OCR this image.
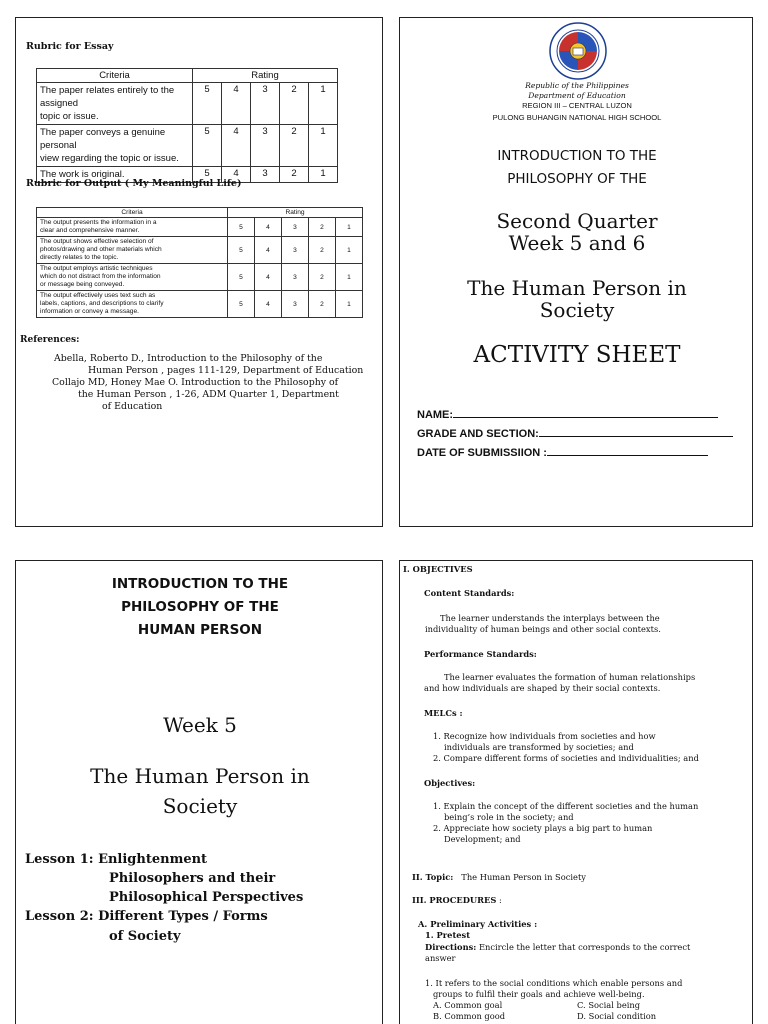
Rubric for Essay
Criteria	Rating				
The paper relates entirely to the assigned
topic or issue.	5	4	3	2	1
The paper conveys a genuine personal
view regarding the topic or issue.	5	4	3	2	1
The work is original.	5	4	3	2	1
Rubric for Output ( My Meaningful Life)
Criteria	Rating				
The output presents the information in a
clear and comprehensive manner.	5	4	3	2	1
The output shows effective selection of
photos/drawing and other materials which
directly relates to the topic.	5	4	3	2	1
The output employs artistic techniques
which do not distract from the information
or message being conveyed.	5	4	3	2	1
The output effectively uses text such as
labels, captions, and descriptions to clarify
information or convey a message.	5	4	3	2	1
References:
Abella, Roberto D., Introduction to the Philosophy of the
Human Person , pages 111-129, Department of Education
Collajo MD, Honey Mae O. Introduction to the Philosophy of
the Human Person , 1-26, ADM Quarter 1, Department
of Education
Republic of the Philippines
Department of Education
REGION III – CENTRAL LUZON
PULONG BUHANGIN NATIONAL HIGH SCHOOL
INTRODUCTION TO THE
PHILOSOPHY OF THE
Second Quarter
Week 5 and 6
The Human Person in
Society
ACTIVITY SHEET
NAME:
GRADE AND SECTION:
DATE OF SUBMISSIION :
INTRODUCTION TO THE
PHILOSOPHY OF THE
HUMAN PERSON
Week 5
The Human Person in
Society
Lesson 1: Enlightenment
Philosophers and their
Philosophical Perspectives
Lesson 2: Different Types / Forms
of Society
I. OBJECTIVES
Content Standards:
The learner understands the interplays between the
individuality of human beings and other social contexts.
Performance Standards:
The learner evaluates the formation of human relationships
and how individuals are shaped by their social contexts.
MELCs :
1. Recognize how individuals from societies and how
individuals are transformed by societies; and
2. Compare different forms of societies and individualities; and
Objectives:
1. Explain the concept of the different societies and the human
being’s role in the society; and
2. Appreciate how society plays a big part to human
Development; and
II. Topic: The Human Person in Society
III. PROCEDURES :
A. Preliminary Activities :
1. Pretest
Directions: Encircle the letter that corresponds to the correct
answer
1. It refers to the social conditions which enable persons and
groups to fulfil their goals and achieve well-being.
A. Common goal	C. Social being
B. Common good	D. Social condition
